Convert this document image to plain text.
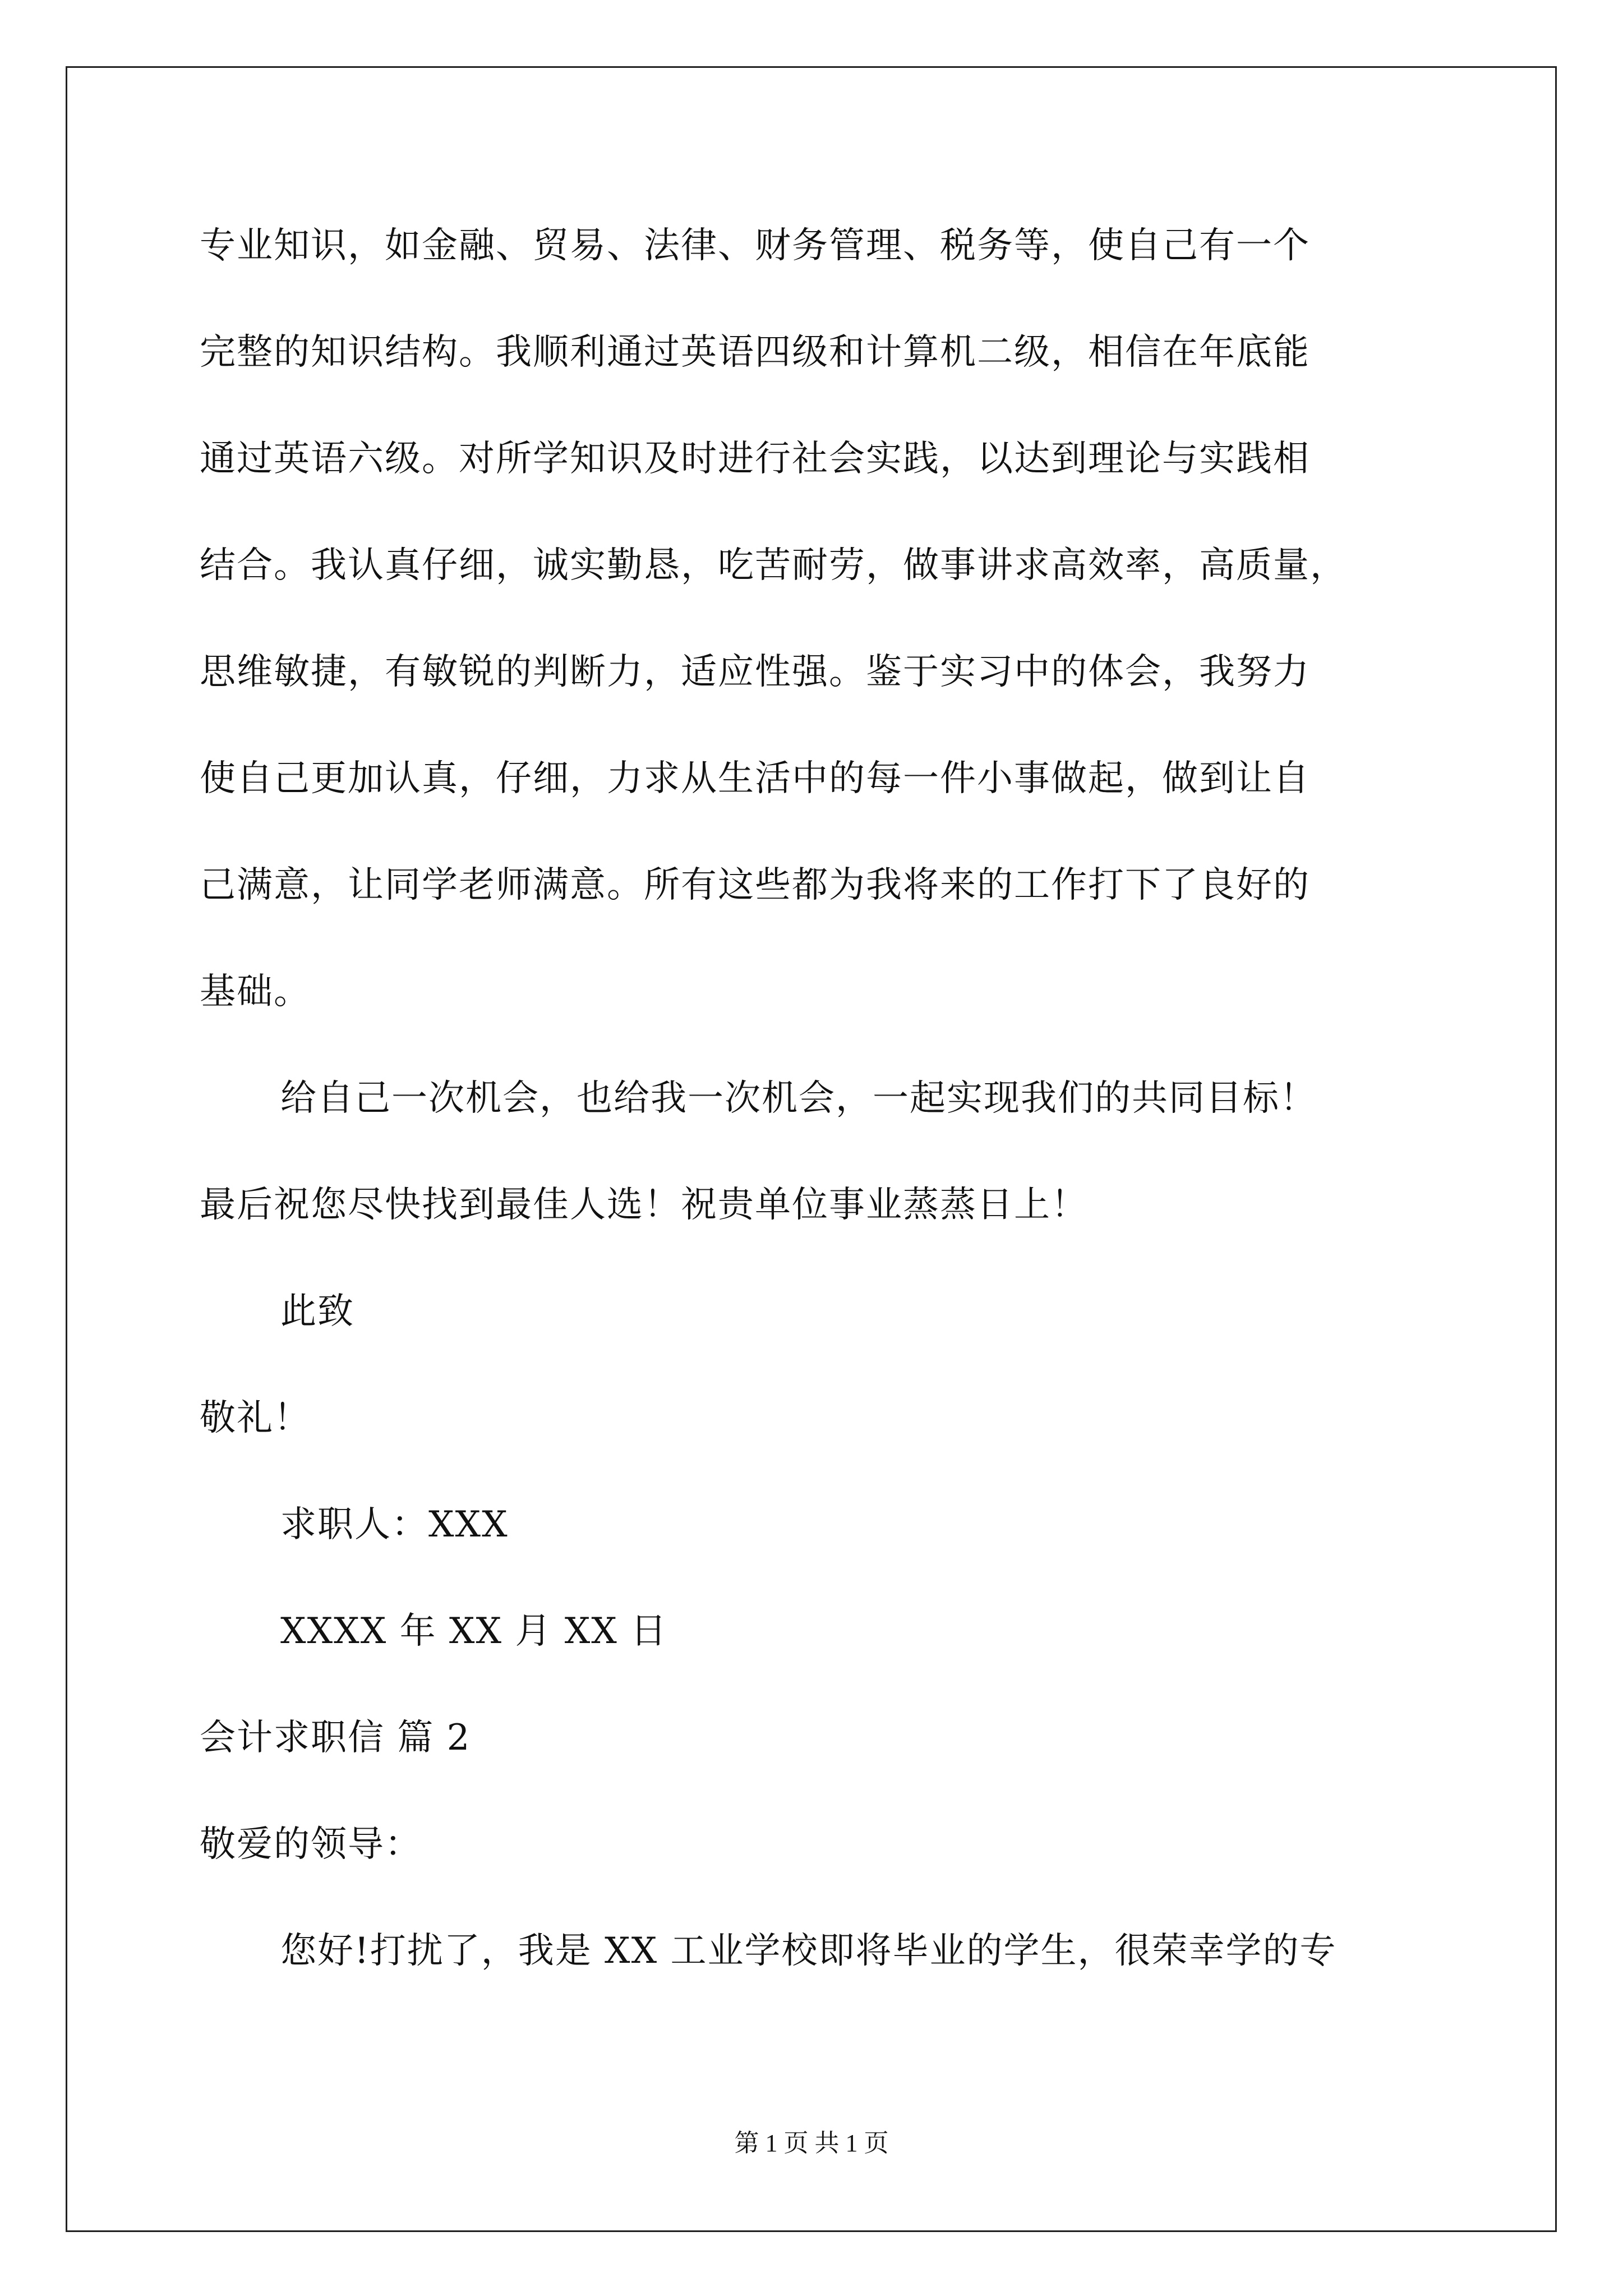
专业知识，如金融、贸易、法律、财务管理、税务等，使自己有一个
完整的知识结构。我顺利通过英语四级和计算机二级，相信在年底能
通过英语六级。对所学知识及时进行社会实践，以达到理论与实践相
结合。我认真仔细，诚实勤恳，吃苦耐劳，做事讲求高效率，高质量，
思维敏捷，有敏锐的判断力，适应性强。鉴于实习中的体会，我努力
使自己更加认真，仔细，力求从生活中的每一件小事做起，做到让自
己满意，让同学老师满意。所有这些都为我将来的工作打下了良好的
基础。
给自己一次机会，也给我一次机会，一起实现我们的共同目标！
最后祝您尽快找到最佳人选！祝贵单位事业蒸蒸日上！
此致
敬礼！
求职人：XXX
XXXX 年 XX 月 XX 日
会计求职信 篇 2
敬爱的领导：
您好!打扰了，我是 XX 工业学校即将毕业的学生，很荣幸学的专
第 1 页 共 1 页
